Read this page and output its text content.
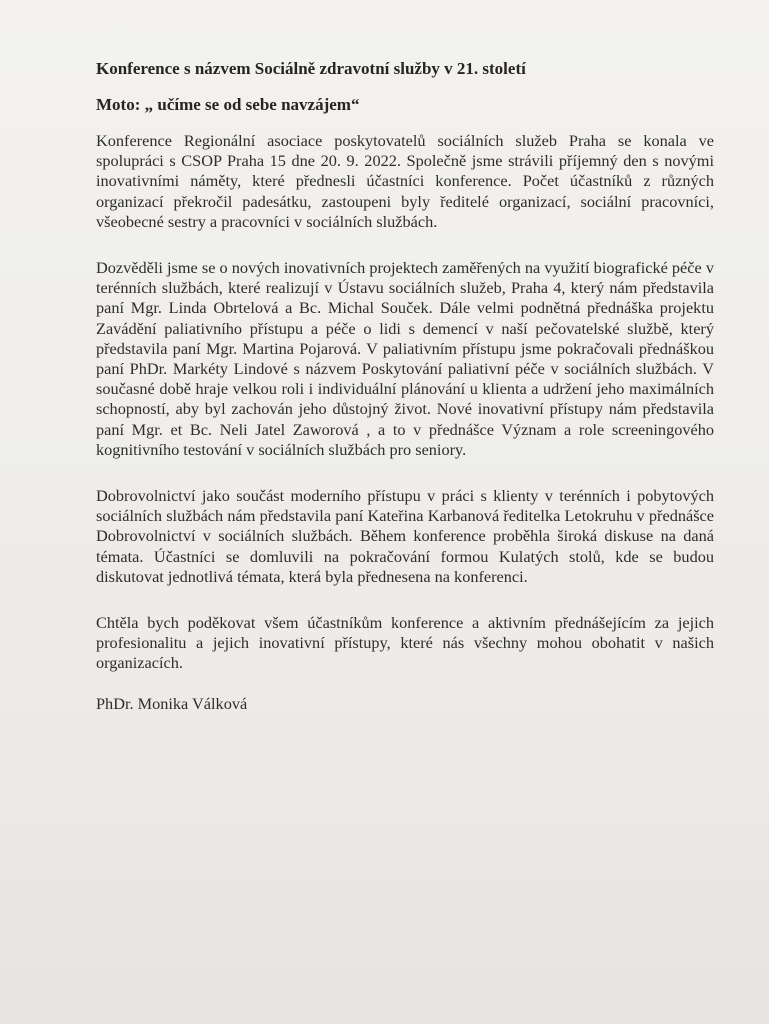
Konference s názvem Sociálně zdravotní služby v 21. století
Moto: „ učíme se od sebe navzájem“

Konference Regionální asociace poskytovatelů sociálních služeb Praha se konala ve spolupráci s CSOP Praha 15 dne 20. 9. 2022. Společně jsme strávili příjemný den s novými inovativními náměty, které přednesli účastníci konference. Počet účastníků z různých organizací překročil padesátku, zastoupeni byly ředitelé organizací, sociální pracovníci, všeobecné sestry a pracovníci v sociálních službách.

Dozvěděli jsme se o nových inovativních projektech zaměřených na využití biografické péče v terénních službách, které realizují v Ústavu sociálních služeb, Praha 4, který nám představila paní Mgr. Linda Obrtelová a Bc. Michal Souček. Dále velmi podnětná přednáška projektu Zavádění paliativního přístupu a péče o lidi s demencí v naší pečovatelské službě, který představila paní Mgr. Martina Pojarová. V paliativním přístupu jsme pokračovali přednáškou paní PhDr. Markéty Lindové s názvem Poskytování paliativní péče v sociálních službách. V současné době hraje velkou roli i individuální plánování u klienta a udržení jeho maximálních schopností, aby byl zachován jeho důstojný život. Nové inovativní přístupy nám představila paní Mgr. et Bc. Neli Jatel Zaworová , a to v přednášce Význam a role screeningového kognitivního testování v sociálních službách pro seniory.

Dobrovolnictví jako součást moderního přístupu v práci s klienty v terénních i pobytových sociálních službách nám představila paní Kateřina Karbanová ředitelka Letokruhu v přednášce Dobrovolnictví v sociálních službách. Během konference proběhla široká diskuse na daná témata. Účastníci se domluvili na pokračování formou Kulatých stolů, kde se budou diskutovat jednotlivá témata, která byla přednesena na konferenci.

Chtěla bych poděkovat všem účastníkům konference a aktivním přednášejícím za jejich profesionalitu a jejich inovativní přístupy, které nás všechny mohou obohatit v našich organizacích.

PhDr. Monika Válková
